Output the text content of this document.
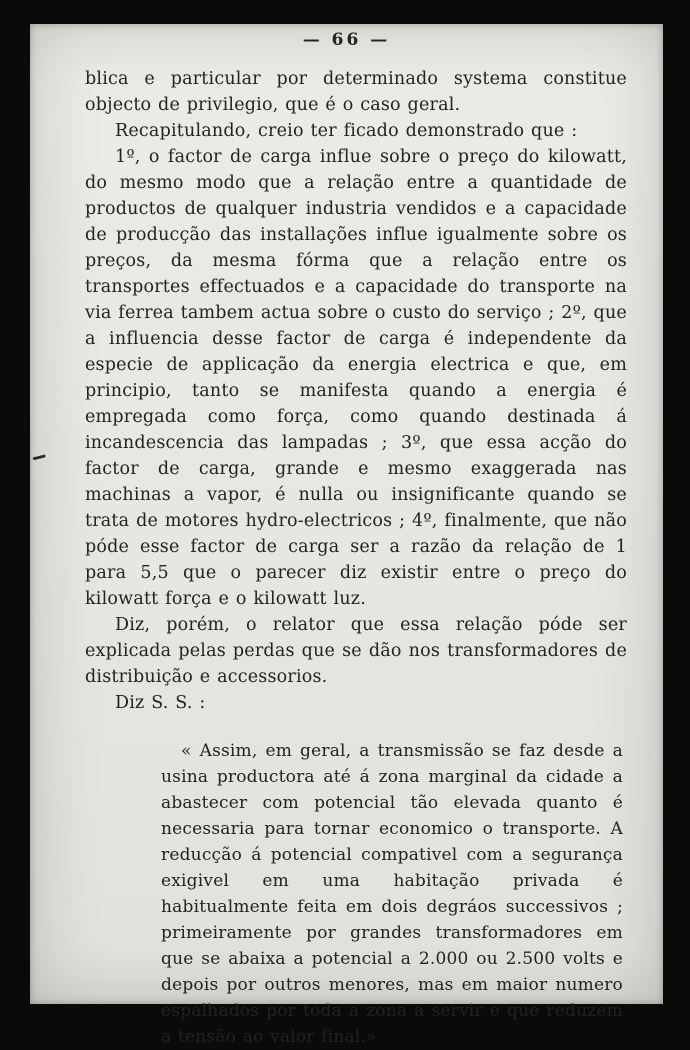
— 66 —

blica e particular por determinado systema constitue objecto de privilegio, que é o caso geral.

Recapitulando, creio ter ficado demonstrado que :

1º, o factor de carga influe sobre o preço do kilowatt, do mesmo modo que a relação entre a quantidade de productos de qualquer industria vendidos e a capacidade de producção das installações influe igualmente sobre os preços, da mesma fórma que a relação entre os transportes effectuados e a capacidade do transporte na via ferrea tambem actua sobre o custo do serviço ; 2º, que a influencia desse factor de carga é independente da especie de applicação da energia electrica e que, em principio, tanto se manifesta quando a energia é empregada como força, como quando destinada á incandescencia das lampadas ; 3º, que essa acção do factor de carga, grande e mesmo exaggerada nas machinas a vapor, é nulla ou insignificante quando se trata de motores hydro-electricos ; 4º, finalmente, que não póde esse factor de carga ser a razão da relação de 1 para 5,5 que o parecer diz existir entre o preço do kilowatt força e o kilowatt luz.

Diz, porém, o relator que essa relação póde ser explicada pelas perdas que se dão nos transformadores de distribuição e accessorios.

Diz S. S. :

« Assim, em geral, a transmissão se faz desde a usina productora até á zona marginal da cidade a abastecer com potencial tão elevada quanto é necessaria para tornar economico o transporte. A reducção á potencial compativel com a segurança exigivel em uma habitação privada é habitualmente feita em dois degráos successivos ; primeiramente por grandes transformadores em que se abaixa a potencial a 2.000 ou 2.500 volts e depois por outros menores, mas em maior numero espalhados por toda a zona a servir e que reduzem a tensão ao valor final.»
